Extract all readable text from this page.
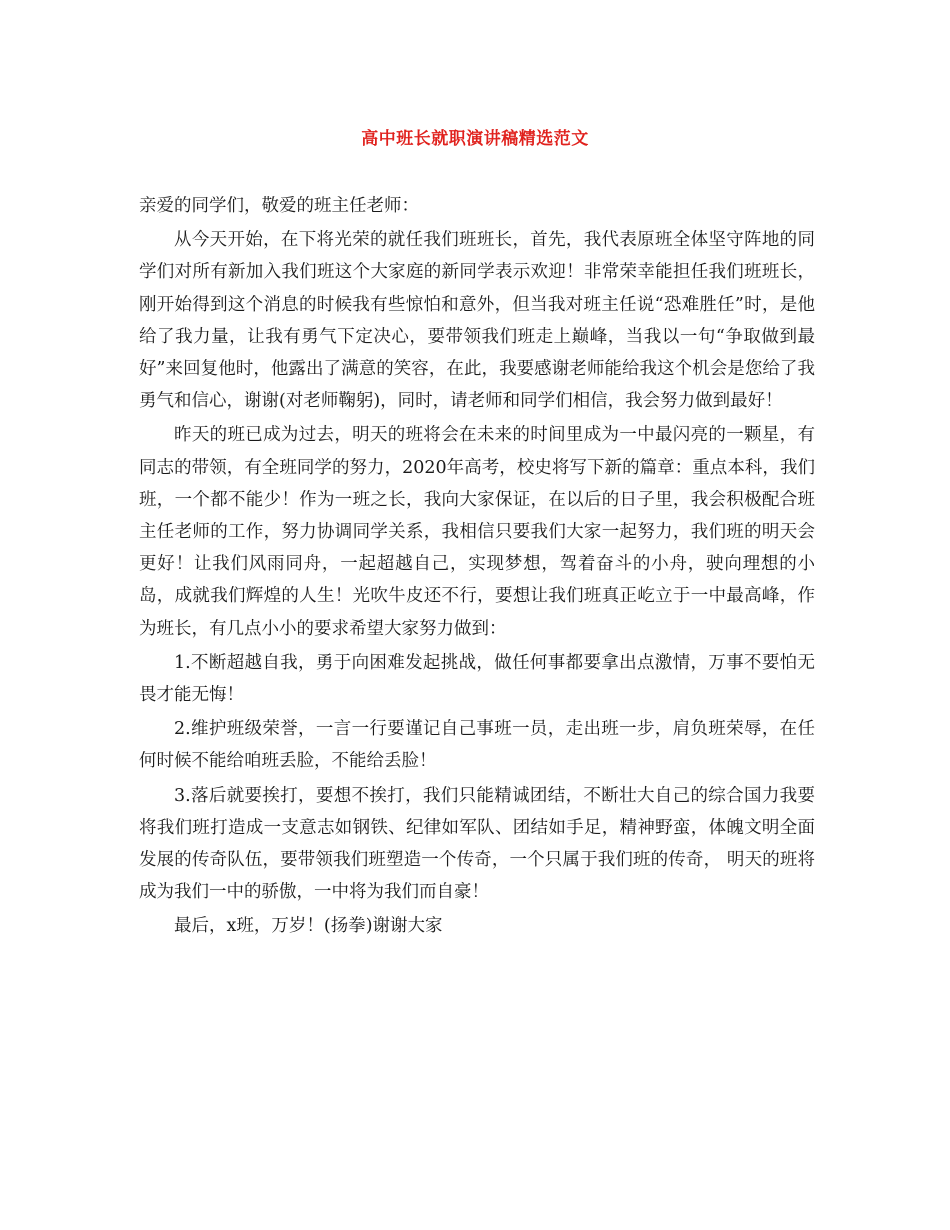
高中班长就职演讲稿精选范文

亲爱的同学们，敬爱的班主任老师：

从今天开始，在下将光荣的就任我们班班长，首先，我代表原班全体坚守阵地的同学们对所有新加入我们班这个大家庭的新同学表示欢迎！非常荣幸能担任我们班班长，刚开始得到这个消息的时候我有些惊怕和意外，但当我对班主任说“恐难胜任”时，是他给了我力量，让我有勇气下定决心，要带领我们班走上巅峰，当我以一句“争取做到最好”来回复他时，他露出了满意的笑容，在此，我要感谢老师能给我这个机会是您给了我勇气和信心，谢谢(对老师鞠躬)，同时，请老师和同学们相信，我会努力做到最好！

昨天的班已成为过去，明天的班将会在未来的时间里成为一中最闪亮的一颗星，有同志的带领，有全班同学的努力，2020年高考，校史将写下新的篇章：重点本科，我们班，一个都不能少！作为一班之长，我向大家保证，在以后的日子里，我会积极配合班主任老师的工作，努力协调同学关系，我相信只要我们大家一起努力，我们班的明天会更好！让我们风雨同舟，一起超越自己，实现梦想，驾着奋斗的小舟，驶向理想的小岛，成就我们辉煌的人生！光吹牛皮还不行，要想让我们班真正屹立于一中最高峰，作为班长，有几点小小的要求希望大家努力做到：

1.不断超越自我，勇于向困难发起挑战，做任何事都要拿出点激情，万事不要怕无畏才能无悔！

2.维护班级荣誉，一言一行要谨记自己事班一员，走出班一步，肩负班荣辱，在任何时候不能给咱班丢脸，不能给丢脸！

3.落后就要挨打，要想不挨打，我们只能精诚团结，不断壮大自己的综合国力我要将我们班打造成一支意志如钢铁、纪律如军队、团结如手足，精神野蛮，体魄文明全面发展的传奇队伍，要带领我们班塑造一个传奇，一个只属于我们班的传奇， 明天的班将成为我们一中的骄傲，一中将为我们而自豪！

最后，x班，万岁！(扬拳)谢谢大家
